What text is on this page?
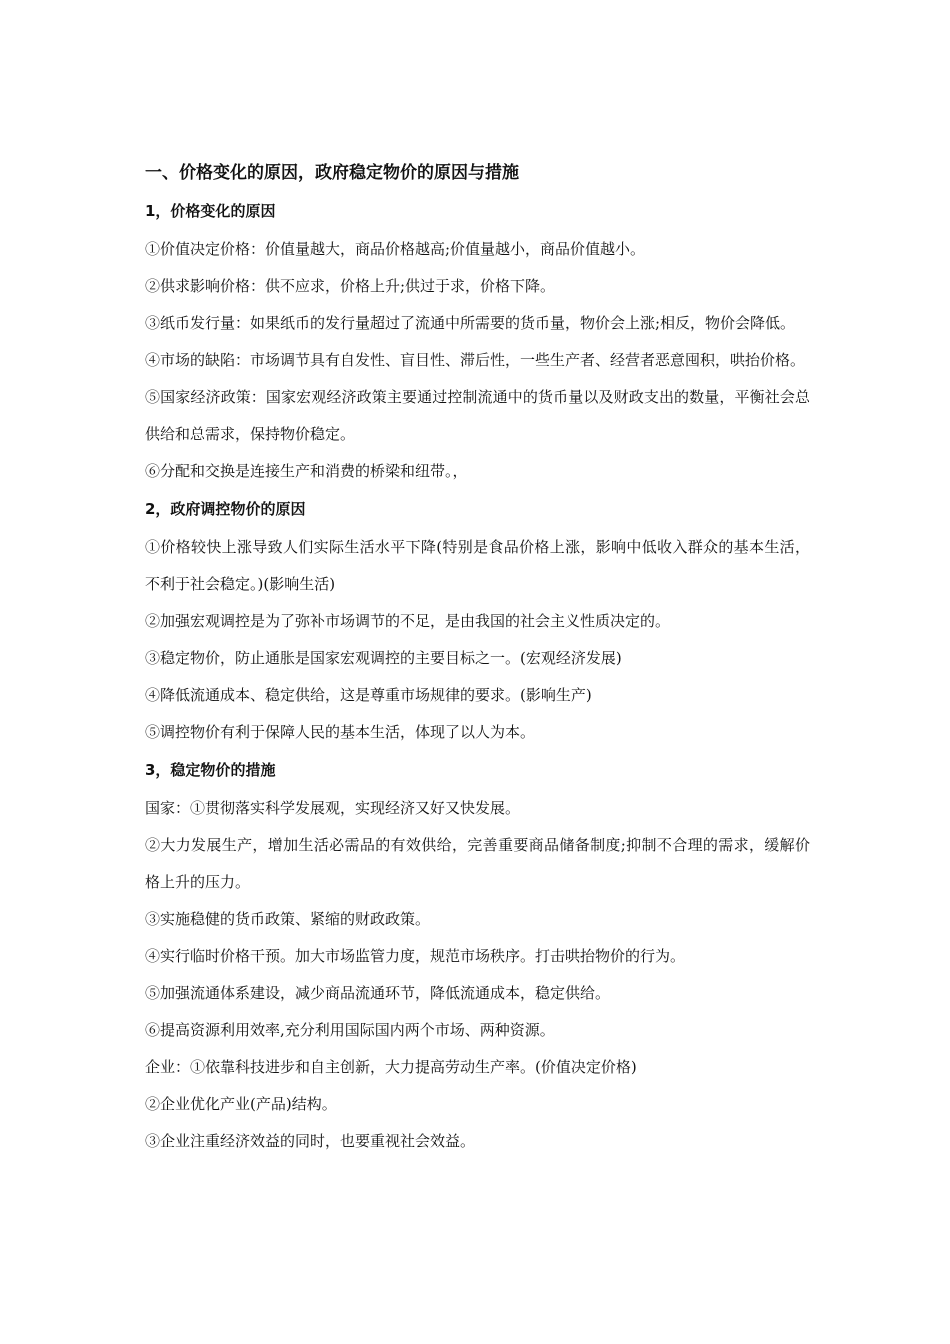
一、价格变化的原因，政府稳定物价的原因与措施
1，价格变化的原因

①价值决定价格：价值量越大，商品价格越高;价值量越小，商品价值越小。

②供求影响价格：供不应求，价格上升;供过于求，价格下降。

③纸币发行量：如果纸币的发行量超过了流通中所需要的货币量，物价会上涨;相反，物价会降低。

④市场的缺陷：市场调节具有自发性、盲目性、滞后性，一些生产者、经营者恶意囤积，哄抬价格。

⑤国家经济政策：国家宏观经济政策主要通过控制流通中的货币量以及财政支出的数量，平衡社会总供给和总需求，保持物价稳定。

⑥分配和交换是连接生产和消费的桥梁和纽带。，

2，政府调控物价的原因

①价格较快上涨导致人们实际生活水平下降(特别是食品价格上涨，影响中低收入群众的基本生活，不利于社会稳定。)(影响生活)

②加强宏观调控是为了弥补市场调节的不足，是由我国的社会主义性质决定的。

③稳定物价，防止通胀是国家宏观调控的主要目标之一。(宏观经济发展)

④降低流通成本、稳定供给，这是尊重市场规律的要求。(影响生产)

⑤调控物价有利于保障人民的基本生活，体现了以人为本。

3，稳定物价的措施

国家：①贯彻落实科学发展观，实现经济又好又快发展。

②大力发展生产，增加生活必需品的有效供给，完善重要商品储备制度;抑制不合理的需求，缓解价格上升的压力。

③实施稳健的货币政策、紧缩的财政政策。

④实行临时价格干预。加大市场监管力度，规范市场秩序。打击哄抬物价的行为。

⑤加强流通体系建设，减少商品流通环节，降低流通成本，稳定供给。

⑥提高资源利用效率,充分利用国际国内两个市场、两种资源。

企业：①依靠科技进步和自主创新，大力提高劳动生产率。(价值决定价格)

②企业优化产业(产品)结构。

③企业注重经济效益的同时，也要重视社会效益。
